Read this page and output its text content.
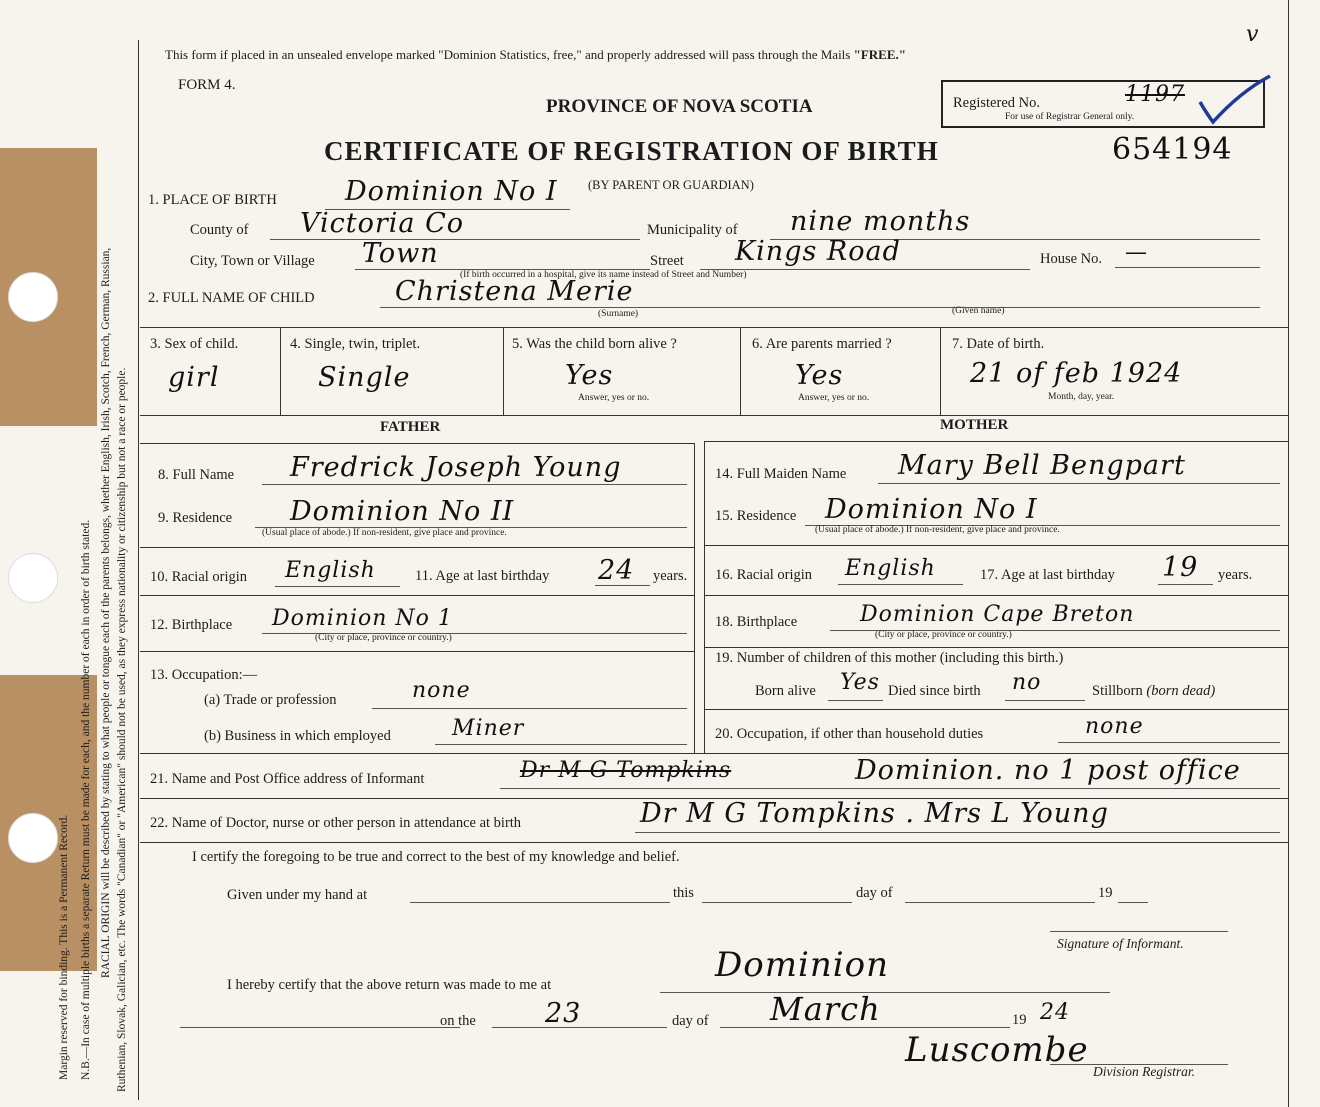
RACIAL ORIGIN will be described by stating to what people or tongue each of the parents belongs, whether English, Irish, Scotch, French, German, Russian, Ruthenian, Slovak, Galician, etc. The words "Canadian" or "American" should not be used, as they express nationality or citizenship but not a race or people.
N.B.—In case of multiple births a separate Return must be made for each, and the number of each in order of birth stated.
Margin reserved for binding. This is a Permanent Record.
This form if placed in an unsealed envelope marked "Dominion Statistics, free," and properly addressed will pass through the Mails "FREE."
FORM 4.
PROVINCE OF NOVA SCOTIA
CERTIFICATE OF REGISTRATION OF BIRTH
Registered No.	1197
For use of Registrar General only.
654194
v
1. PLACE OF BIRTH	Dominion No I (BY PARENT OR GUARDIAN)
County of Victoria Co	Municipality of nine months
City, Town or Village Town	Street Kings Road	House No. —
(If birth occurred in a hospital, give its name instead of Street and Number)
2. FULL NAME OF CHILD	Christena Merie
(Surname)	(Given name)
3. Sex of child.
girl
4. Single, twin, triplet.
Single
5. Was the child born alive ?
Yes
Answer, yes or no.
6. Are parents married ?
Yes
Answer, yes or no.
7. Date of birth.
21 of feb 1924
Month, day, year.
FATHER	MOTHER
8. Full Name Fredrick Joseph Young
9. Residence Dominion No II
(Usual place of abode.) If non-resident, give place and province.
10. Racial origin English	11. Age at last birthday 24 years.
12. Birthplace Dominion No 1
(City or place, province or country.)
13. Occupation:—
(a) Trade or profession	none
(b) Business in which employed	Miner
14. Full Maiden Name Mary Bell Bengpart
15. Residence Dominion No I
(Usual place of abode.) If non-resident, give place and province.
16. Racial origin English	17. Age at last birthday 19 years.
18. Birthplace	Dominion Cape Breton
(City or place, province or country.)
19. Number of children of this mother (including this birth.)
Born alive Yes Died since birth no	Stillborn (born dead)
20. Occupation, if other than household duties	none
21. Name and Post Office address of Informant	Dr M G Tompkins	Dominion. no 1 post office
22. Name of Doctor, nurse or other person in attendance at birth	Dr M G Tompkins . Mrs L Young
I certify the foregoing to be true and correct to the best of my knowledge and belief.
Given under my hand at	this	day of	19
Signature of Informant.
I hereby certify that the above return was made to me at	Dominion
on the	23	day of March	19 24
Luscombe
Division Registrar.
